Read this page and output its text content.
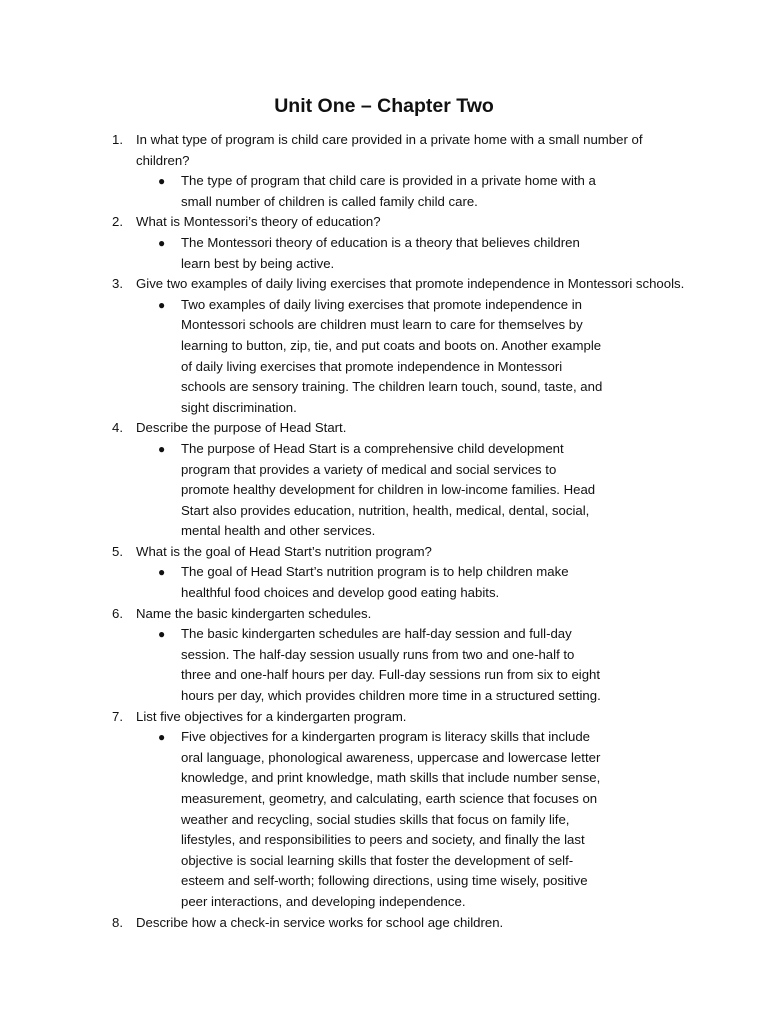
Unit One – Chapter Two
1. In what type of program is child care provided in a private home with a small number of children?
● The type of program that child care is provided in a private home with a small number of children is called family child care.
2. What is Montessori’s theory of education?
● The Montessori theory of education is a theory that believes children learn best by being active.
3. Give two examples of daily living exercises that promote independence in Montessori schools.
● Two examples of daily living exercises that promote independence in Montessori schools are children must learn to care for themselves by learning to button, zip, tie, and put coats and boots on. Another example of daily living exercises that promote independence in Montessori schools are sensory training. The children learn touch, sound, taste, and sight discrimination.
4. Describe the purpose of Head Start.
● The purpose of Head Start is a comprehensive child development program that provides a variety of medical and social services to promote healthy development for children in low-income families. Head Start also provides education, nutrition, health, medical, dental, social, mental health and other services.
5. What is the goal of Head Start’s nutrition program?
● The goal of Head Start’s nutrition program is to help children make healthful food choices and develop good eating habits.
6. Name the basic kindergarten schedules.
● The basic kindergarten schedules are half-day session and full-day session. The half-day session usually runs from two and one-half to three and one-half hours per day. Full-day sessions run from six to eight hours per day, which provides children more time in a structured setting.
7. List five objectives for a kindergarten program.
● Five objectives for a kindergarten program is literacy skills that include oral language, phonological awareness, uppercase and lowercase letter knowledge, and print knowledge, math skills that include number sense, measurement, geometry, and calculating, earth science that focuses on weather and recycling, social studies skills that focus on family life, lifestyles, and responsibilities to peers and society, and finally the last objective is social learning skills that foster the development of self-esteem and self-worth; following directions, using time wisely, positive peer interactions, and developing independence.
8. Describe how a check-in service works for school age children.
